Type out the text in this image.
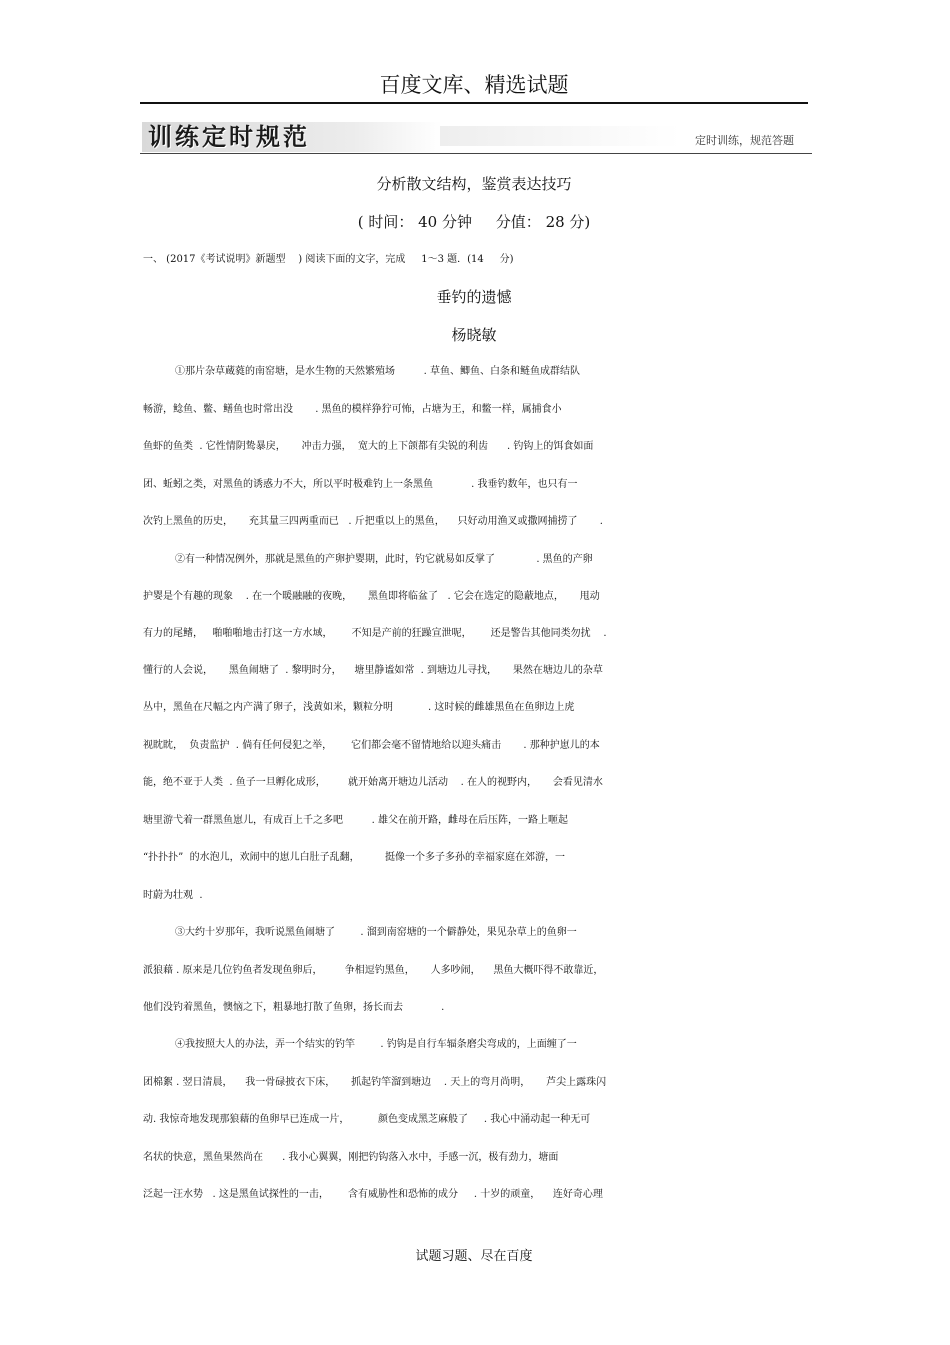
百度文库、精选试题
训练定时规范	定时训练，规范答题
分析散文结构，鉴赏表达技巧
( 时间： 40 分钟     分值： 28 分)
一、 (2017《考试说明》新题型    ) 阅读下面的文字，完成     1～3 题．(14     分)
垂钓的遗憾
杨晓敏
①那片杂草蔵蕤的南窑塘，是水生物的天然繁殖场         . 草鱼、鲫鱼、白条和鲢鱼成群结队
畅游，鲶鱼、鳖、鳝鱼也时常出没       . 黑鱼的模样狰狞可怖，占塘为王，和鳖一样，属捕食小
鱼虾的鱼类  . 它性情阴鸷暴戾，     冲击力强，  宽大的上下颌都有尖锐的利齿      . 钓钩上的饵食如面
团、蚯蚓之类，对黑鱼的诱惑力不大，所以平时极难钓上一条黑鱼            . 我垂钓数年，也只有一
次钓上黑鱼的历史，     充其量三四两重而已   . 斤把重以上的黑鱼，    只好动用渔叉或撒网捕捞了       .
②有一种情况例外，那就是黑鱼的产卵护婴期，此时，钓它就易如反掌了             . 黑鱼的产卵
护婴是个有趣的现象    . 在一个暖融融的夜晚，     黑鱼即将临盆了   . 它会在选定的隐蔽地点，     甩动
有力的尾鳍，   啪啪啪地击打这一方水域，      不知是产前的狂躁宣泄呢，      还是警告其他同类勿扰    .
懂行的人会说，     黑鱼闹塘了  . 黎明时分，    塘里静谧如常  . 到塘边儿寻找，     果然在塘边儿的杂草
丛中，黑鱼在尺幅之内产满了卵子，浅黄如米，颗粒分明           . 这时候的雌雄黑鱼在鱼卵边上虎
视眈眈，  负责监护  . 倘有任何侵犯之举，      它们都会毫不留情地给以迎头痛击       . 那种护崽儿的本
能，绝不亚于人类  . 鱼子一旦孵化成形，       就开始离开塘边儿活动    . 在人的视野内，     会看见清水
塘里游弋着一群黑鱼崽儿，有成百上千之多吧         . 雄父在前开路，雌母在后压阵，一路上咂起
“扑扑扑”  的水泡儿，欢闹中的崽儿白肚子乱翻，        挺像一个多子多孙的幸福家庭在郊游，一
时蔚为壮观  .
③大约十岁那年，我听说黑鱼闹塘了        . 溜到南窑塘的一个僻静处，果见杂草上的鱼卵一
派狼藉 . 原来是几位钓鱼者发现鱼卵后，       争相逗钓黑鱼，     人多吵闹，    黑鱼大概吓得不敢靠近，
他们没钓着黑鱼，懊恼之下，粗暴地打散了鱼卵，扬长而去            .
④我按照大人的办法，弄一个结实的钓竿        . 钓钩是自行车辐条磨尖弯成的，上面缠了一
团棉絮 . 翌日清晨，    我一骨碌披衣下床，     抓起钓竿溜到塘边    . 天上的弯月尚明，     芦尖上露珠闪
动. 我惊奇地发现那狼藉的鱼卵早已连成一片，         颜色变成黑芝麻般了     . 我心中涌动起一种无可
名状的快意，黑鱼果然尚在      . 我小心翼翼，刚把钓钩落入水中，手感一沉，极有劲力，塘面
泛起一汪水势   . 这是黑鱼试探性的一击，      含有威胁性和恐怖的成分     . 十岁的顽童，    连好奇心理
试题习题、尽在百度
